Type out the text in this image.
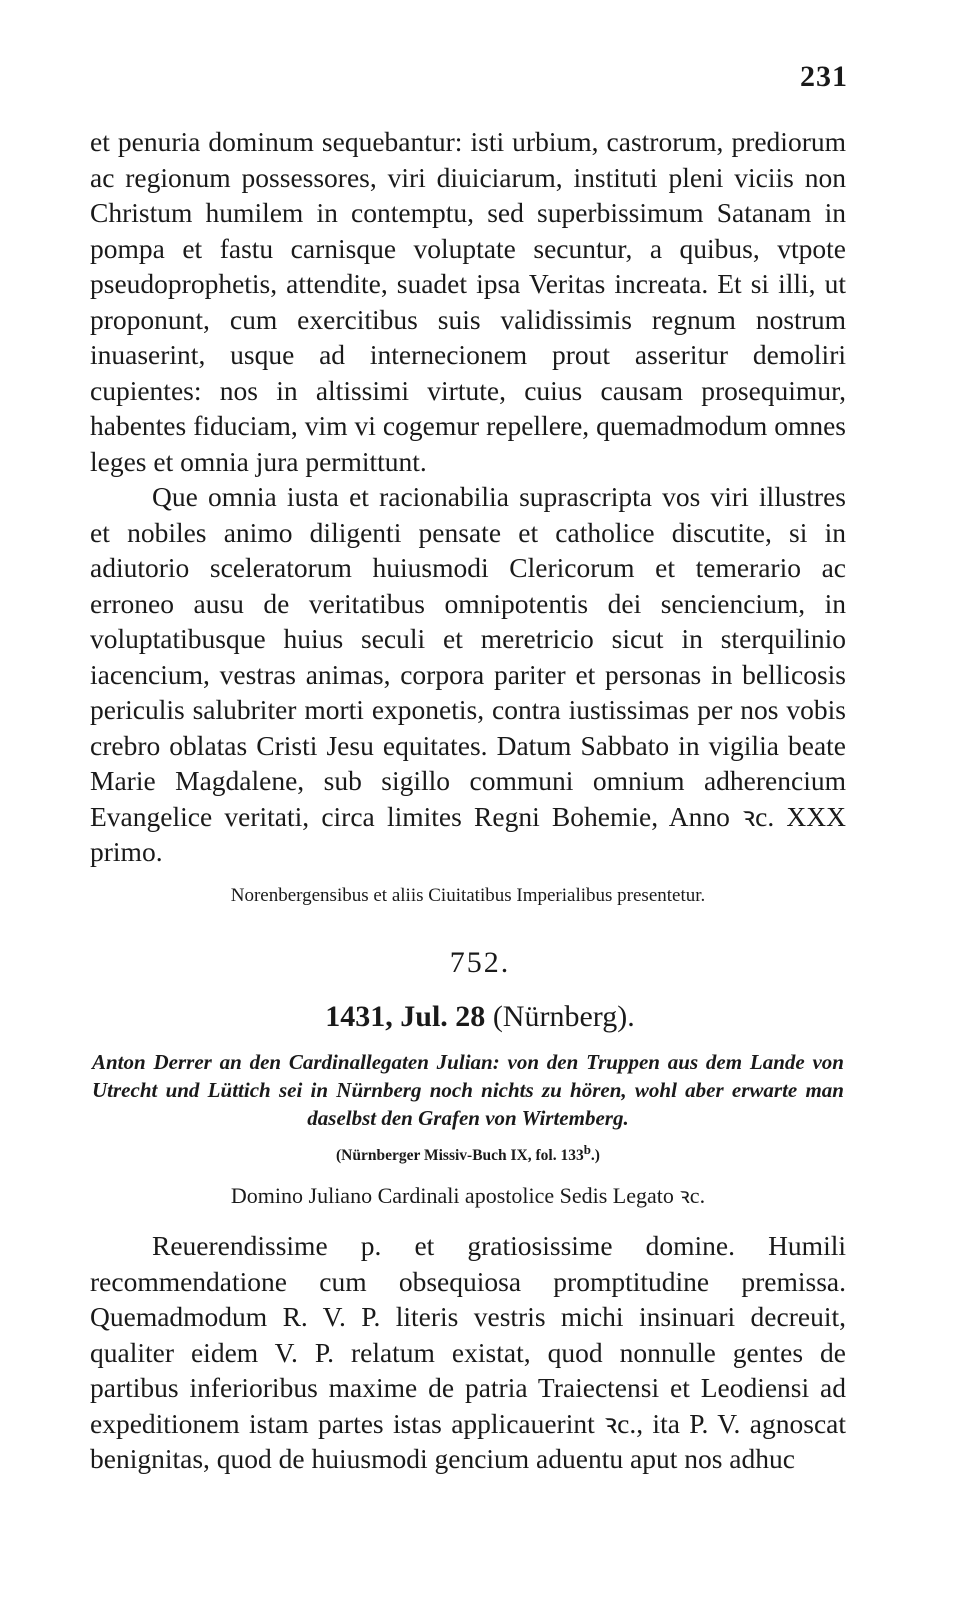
231

et penuria dominum sequebantur: isti urbium, castrorum, prediorum ac regionum possessores, viri diuiciarum, instituti pleni viciis non Christum humilem in contemptu, sed superbissimum Satanam in pompa et fastu carnisque voluptate secuntur, a quibus, vtpote pseudoprophetis, attendite, suadet ipsa Veritas increata. Et si illi, ut proponunt, cum exercitibus suis validissimis regnum nostrum inuaserint, usque ad internecionem prout asseritur demoliri cupientes: nos in altissimi virtute, cuius causam prosequimur, habentes fiduciam, vim vi cogemur repellere, quemadmodum omnes leges et omnia jura permittunt.

Que omnia iusta et racionabilia suprascripta vos viri illustres et nobiles animo diligenti pensate et catholice discutite, si in adiutorio sceleratorum huiusmodi Clericorum et temerario ac erroneo ausu de veritatibus omnipotentis dei senciencium, in voluptatibusque huius seculi et meretricio sicut in sterquilinio iacencium, vestras animas, corpora pariter et personas in bellicosis periculis salubriter morti exponetis, contra iustissimas per nos vobis crebro oblatas Cristi Jesu equitates. Datum Sabbato in vigilia beate Marie Magdalene, sub sigillo communi omnium adherencium Evangelice veritati, circa limites Regni Bohemie, Anno ꝛc. XXX primo.

Norenbergensibus et aliis Ciuitatibus Imperialibus presentetur.

752.
1431, Jul. 28 (Nürnberg).

Anton Derrer an den Cardinallegaten Julian: von den Truppen aus dem Lande von Utrecht und Lüttich sei in Nürnberg noch nichts zu hören, wohl aber erwarte man daselbst den Grafen von Wirtemberg.

(Nürnberger Missiv-Buch IX, fol. 133$^b$.)

Domino Juliano Cardinali apostolice Sedis Legato ꝛc.

Reuerendissime p. et gratiosissime domine. Humili recommendatione cum obsequiosa promptitudine premissa. Quemadmodum R. V. P. literis vestris michi insinuari decreuit, qualiter eidem V. P. relatum existat, quod nonnulle gentes de partibus inferioribus maxime de patria Traiectensi et Leodiensi ad expeditionem istam partes istas applicauerint ꝛc., ita P. V. agnoscat benignitas, quod de huiusmodi gencium aduentu aput nos adhuc
